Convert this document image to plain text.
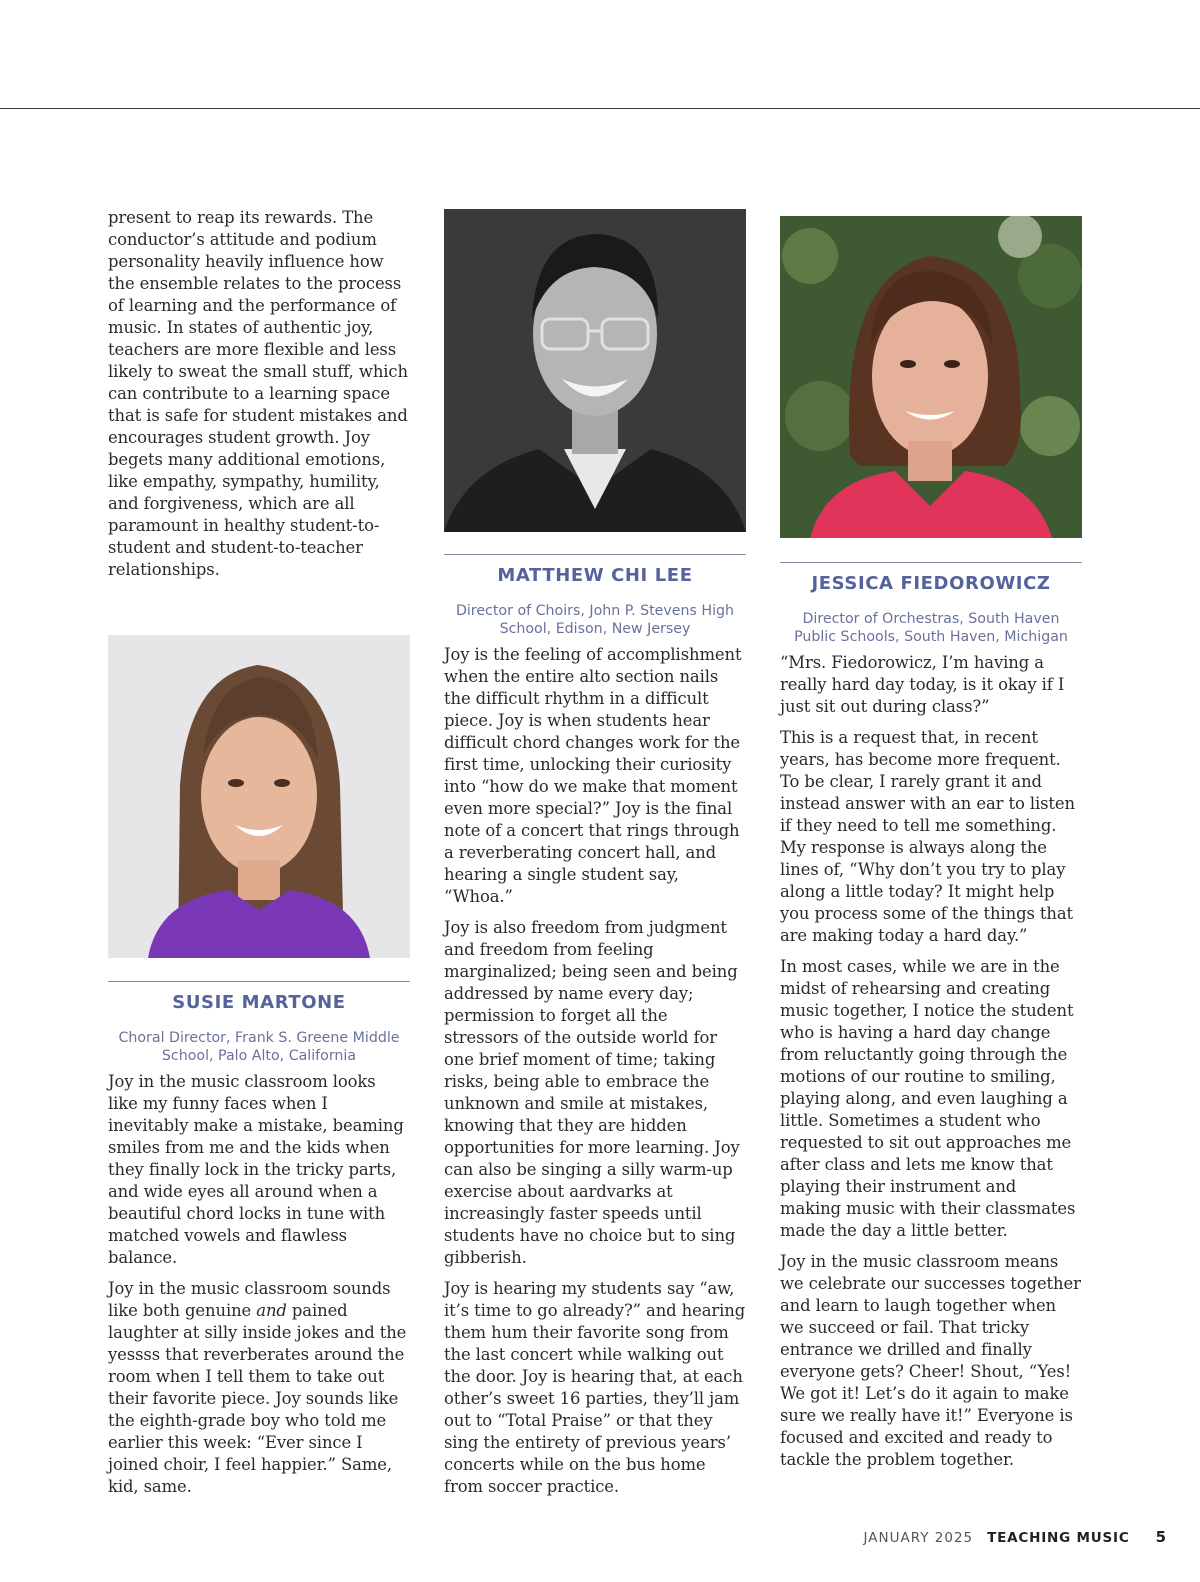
present to reap its rewards. The conductor’s attitude and podium personality heavily influence how the ensemble relates to the process of learning and the performance of music. In states of authentic joy, teachers are more flexible and less likely to sweat the small stuff, which can contribute to a learning space that is safe for student mistakes and encourages student growth. Joy begets many additional emotions, like empathy, sympathy, humility, and forgiveness, which are all paramount in healthy student-to-student and student-to-teacher relationships.

SUSIE MARTONE
Choral Director, Frank S. Greene Middle School, Palo Alto, California

Joy in the music classroom looks like my funny faces when I inevitably make a mistake, beaming smiles from me and the kids when they finally lock in the tricky parts, and wide eyes all around when a beautiful chord locks in tune with matched vowels and flawless balance.

Joy in the music classroom sounds like both genuine and pained laughter at silly inside jokes and the yessss that reverberates around the room when I tell them to take out their favorite piece. Joy sounds like the eighth-grade boy who told me earlier this week: “Ever since I joined choir, I feel happier.” Same, kid, same.

MATTHEW CHI LEE
Director of Choirs, John P. Stevens High School, Edison, New Jersey

Joy is the feeling of accomplishment when the entire alto section nails the difficult rhythm in a difficult piece. Joy is when students hear difficult chord changes work for the first time, unlocking their curiosity into “how do we make that moment even more special?” Joy is the final note of a concert that rings through a reverberating concert hall, and hearing a single student say, “Whoa.”

Joy is also freedom from judgment and freedom from feeling marginalized; being seen and being addressed by name every day; permission to forget all the stressors of the outside world for one brief moment of time; taking risks, being able to embrace the unknown and smile at mistakes, knowing that they are hidden opportunities for more learning. Joy can also be singing a silly warm-up exercise about aardvarks at increasingly faster speeds until students have no choice but to sing gibberish.

Joy is hearing my students say “aw, it’s time to go already?” and hearing them hum their favorite song from the last concert while walking out the door. Joy is hearing that, at each other’s sweet 16 parties, they’ll jam out to “Total Praise” or that they sing the entirety of previous years’ concerts while on the bus home from soccer practice.

JESSICA FIEDOROWICZ
Director of Orchestras, South Haven Public Schools, South Haven, Michigan

“Mrs. Fiedorowicz, I’m having a really hard day today, is it okay if I just sit out during class?”

This is a request that, in recent years, has become more frequent. To be clear, I rarely grant it and instead answer with an ear to listen if they need to tell me something. My response is always along the lines of, “Why don’t you try to play along a little today? It might help you process some of the things that are making today a hard day.”

In most cases, while we are in the midst of rehearsing and creating music together, I notice the student who is having a hard day change from reluctantly going through the motions of our routine to smiling, playing along, and even laughing a little. Sometimes a student who requested to sit out approaches me after class and lets me know that playing their instrument and making music with their classmates made the day a little better.

Joy in the music classroom means we celebrate our successes together and learn to laugh together when we succeed or fail. That tricky entrance we drilled and finally everyone gets? Cheer! Shout, “Yes! We got it! Let’s do it again to make sure we really have it!” Everyone is focused and excited and ready to tackle the problem together.

JANUARY 2025 TEACHING MUSIC 5
